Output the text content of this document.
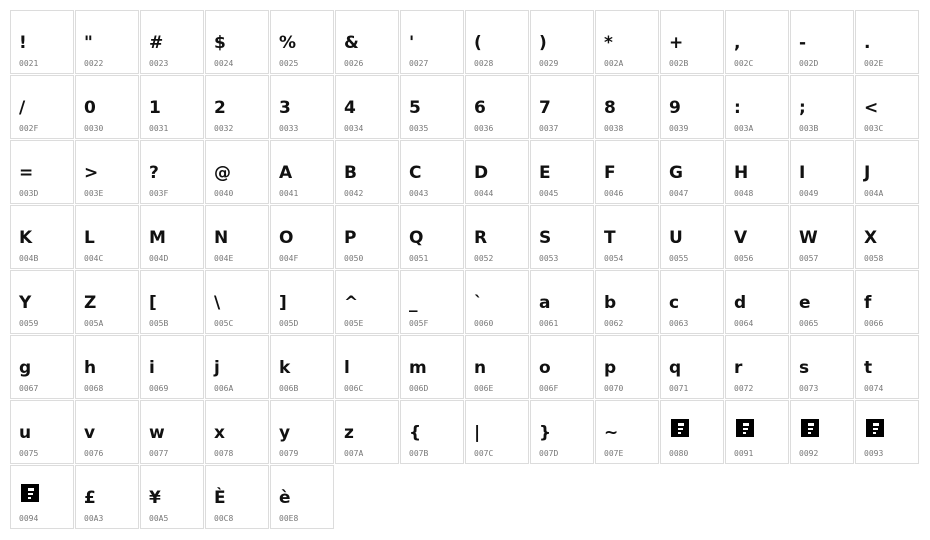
!
0021
"
0022
#
0023
$
0024
%
0025
&
0026
'
0027
(
0028
)
0029
*
002A
+
002B
,
002C
-
002D
.
002E
/
002F
0
0030
1
0031
2
0032
3
0033
4
0034
5
0035
6
0036
7
0037
8
0038
9
0039
:
003A
;
003B
<
003C
=
003D
>
003E
?
003F
@
0040
A
0041
B
0042
C
0043
D
0044
E
0045
F
0046
G
0047
H
0048
I
0049
J
004A
K
004B
L
004C
M
004D
N
004E
O
004F
P
0050
Q
0051
R
0052
S
0053
T
0054
U
0055
V
0056
W
0057
X
0058
Y
0059
Z
005A
[
005B
\
005C
]
005D
^
005E
_
005F
`
0060
a
0061
b
0062
c
0063
d
0064
e
0065
f
0066
g
0067
h
0068
i
0069
j
006A
k
006B
l
006C
m
006D
n
006E
o
006F
p
0070
q
0071
r
0072
s
0073
t
0074
u
0075
v
0076
w
0077
x
0078
y
0079
z
007A
{
007B
|
007C
}
007D
~
007E	0080	0091	0092	0093
0094
£
00A3
¥
00A5
È
00C8
è
00E8
